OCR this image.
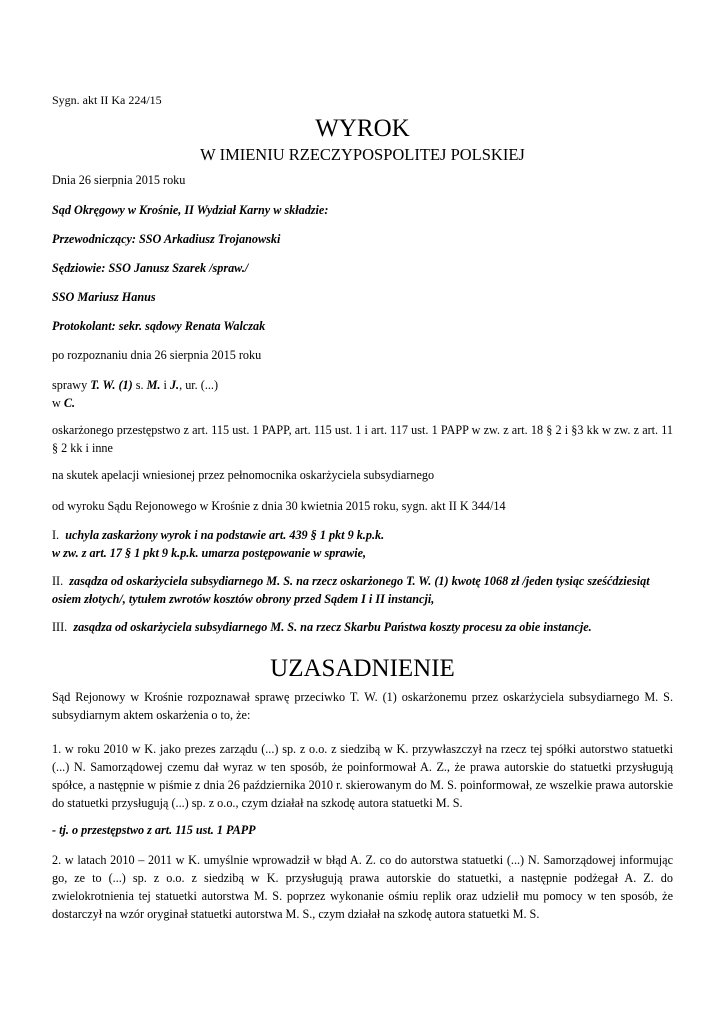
Sygn. akt II Ka 224/15

WYROK
W IMIENIU RZECZYPOSPOLITEJ POLSKIEJ

Dnia 26 sierpnia 2015 roku

Sąd Okręgowy w Krośnie, II Wydział Karny w składzie:

Przewodniczący: SSO Arkadiusz Trojanowski

Sędziowie: SSO Janusz Szarek /spraw./

SSO Mariusz Hanus

Protokolant: sekr. sądowy Renata Walczak

po rozpoznaniu dnia 26 sierpnia 2015 roku

sprawy T. W. (1) s. M. i J., ur. (...)
w C.

oskarżonego przestępstwo z art. 115 ust. 1 PAPP, art. 115 ust. 1 i art. 117 ust. 1 PAPP w zw. z art. 18 § 2 i §3 kk w zw. z art. 11 § 2 kk i inne

na skutek apelacji wniesionej przez pełnomocnika oskarżyciela subsydiarnego

od wyroku Sądu Rejonowego w Krośnie z dnia 30 kwietnia 2015 roku, sygn. akt II K 344/14

I. uchyla zaskarżony wyrok i na podstawie art. 439 § 1 pkt 9 k.p.k.
w zw. z art. 17 § 1 pkt 9 k.p.k. umarza postępowanie w sprawie,

II. zasądza od oskarżyciela subsydiarnego M. S. na rzecz oskarżonego T. W. (1) kwotę 1068 zł /jeden tysiąc sześćdziesiąt osiem złotych/, tytułem zwrotów kosztów obrony przed Sądem I i II instancji,

III. zasądza od oskarżyciela subsydiarnego M. S. na rzecz Skarbu Państwa koszty procesu za obie instancje.

UZASADNIENIE

Sąd Rejonowy w Krośnie rozpoznawał sprawę przeciwko T. W. (1) oskarżonemu przez oskarżyciela subsydiarnego M. S. subsydiarnym aktem oskarżenia o to, że:

1. w roku 2010 w K. jako prezes zarządu (...) sp. z o.o. z siedzibą w K. przywłaszczył na rzecz tej spółki autorstwo statuetki (...) N. Samorządowej czemu dał wyraz w ten sposób, że poinformował A. Z., że prawa autorskie do statuetki przysługują spółce, a następnie w piśmie z dnia 26 października 2010 r. skierowanym do M. S. poinformował, ze wszelkie prawa autorskie do statuetki przysługują (...) sp. z o.o., czym działał na szkodę autora statuetki M. S.

- tj. o przestępstwo z art. 115 ust. 1 PAPP

2. w latach 2010 – 2011 w K. umyślnie wprowadził w błąd A. Z. co do autorstwa statuetki (...) N. Samorządowej informując go, ze to (...) sp. z o.o. z siedzibą w K. przysługują prawa autorskie do statuetki, a następnie podżegał A. Z. do zwielokrotnienia tej statuetki autorstwa M. S. poprzez wykonanie ośmiu replik oraz udzielił mu pomocy w ten sposób, że dostarczył na wzór oryginał statuetki autorstwa M. S., czym działał na szkodę autora statuetki M. S.
